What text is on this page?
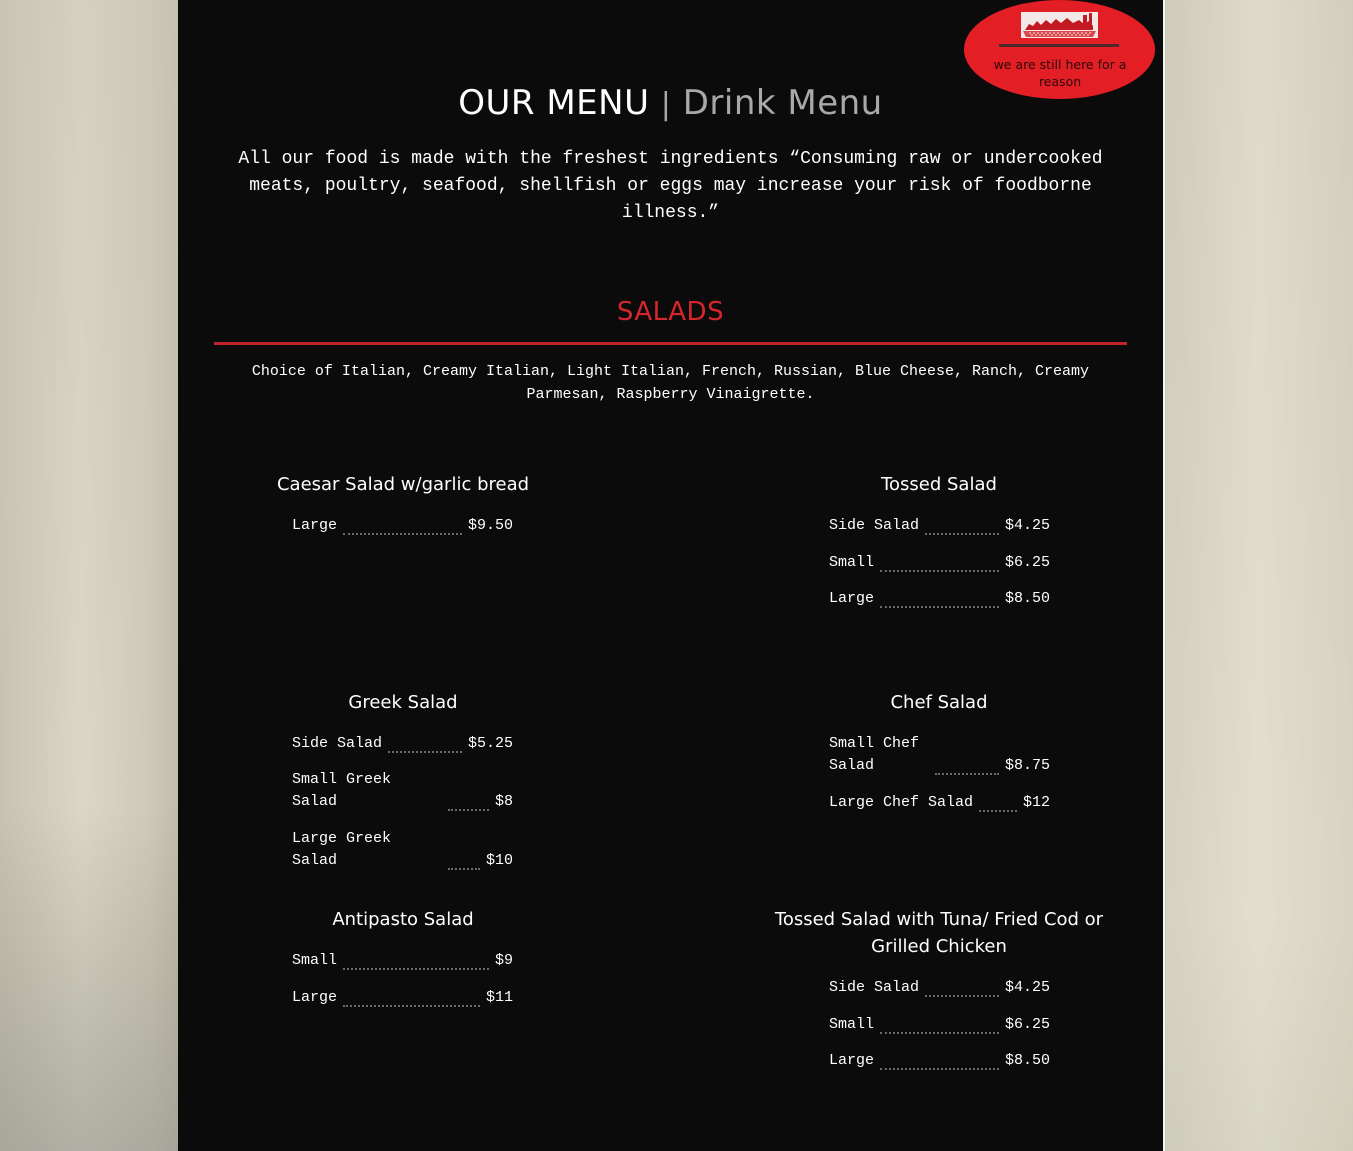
we are still here for a reason
OUR MENU | Drink Menu
All our food is made with the freshest ingredients “Consuming raw or undercooked meats, poultry, seafood, shellfish or eggs may increase your risk of foodborne illness.”
SALADS
Choice of Italian, Creamy Italian, Light Italian, French, Russian, Blue Cheese, Ranch, Creamy Parmesan, Raspberry Vinaigrette.
Caesar Salad w/garlic bread
Large	$9.50
Tossed Salad
Side Salad	$4.25
Small	$6.25
Large	$8.50
Greek Salad
Side Salad	$5.25
Small Greek Salad	$8
Large Greek Salad	$10
Chef Salad
Small Chef Salad	$8.75
Large Chef Salad	$12
Antipasto Salad
Small	$9
Large	$11
Tossed Salad with Tuna/ Fried Cod or Grilled Chicken
Side Salad	$4.25
Small	$6.25
Large	$8.50
